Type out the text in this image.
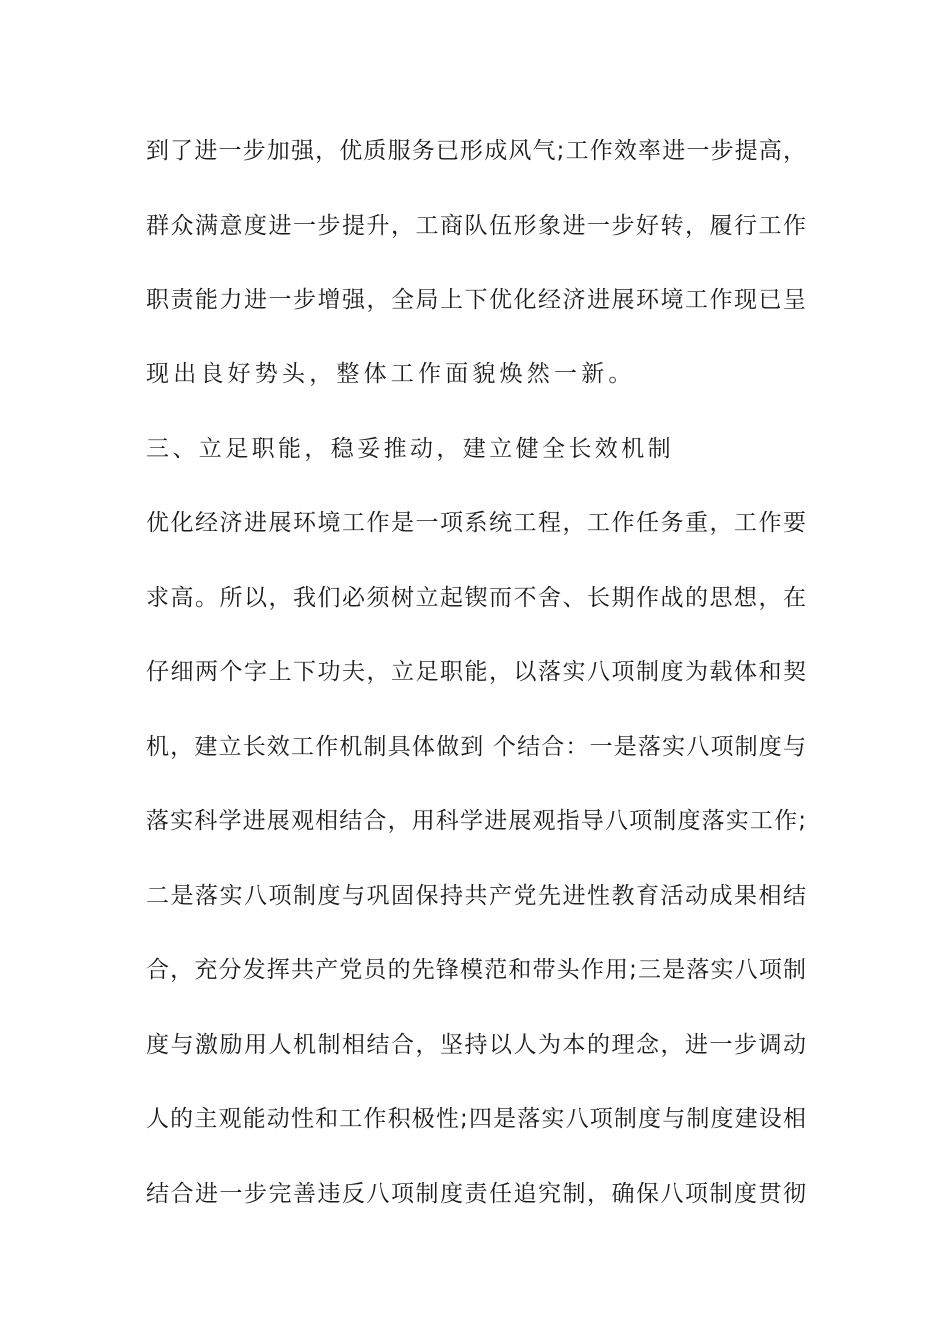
到 了 进 一 步 加 强 ， 优 质 服 务 已 形 成 风 气 ; 工 作 效 率 进 一 步 提 高 ，
群 众 满 意 度 进 一 步 提 升 ， 工 商 队 伍 形 象 进 一 步 好 转 ， 履 行 工 作
职 责 能 力 进 一 步 增 强 ， 全 局 上 下 优 化 经 济 进 展 环 境 工 作 现 已 呈
现出良好势头，整体工作面貌焕然一新。
三、立足职能，稳妥推动，建立健全长效机制
优 化 经 济 进 展 环 境 工 作 是 一 项 系 统 工 程 ， 工 作 任 务 重 ， 工 作 要
求 高 。 所 以 ， 我 们 必 须 树 立 起 锲 而 不 舍 、 长 期 作 战 的 思 想 ， 在
仔 细 两 个 字 上 下 功 夫 ， 立 足 职 能 ， 以 落 实 八 项 制 度 为 载 体 和 契
机 ， 建 立 长 效 工 作 机 制 具 体 做 到
个 结 合 ： 一 是 落 实 八 项 制 度 与
落 实 科 学 进 展 观 相 结 合 ， 用 科 学 进 展 观 指 导 八 项 制 度 落 实 工 作 ;
二 是 落 实 八 项 制 度 与 巩 固 保 持 共 产 党 先 进 性 教 育 活 动 成 果 相 结
合 ， 充 分 发 挥 共 产 党 员 的 先 锋 模 范 和 带 头 作 用 ; 三 是 落 实 八 项 制
度 与 激 励 用 人 机 制 相 结 合 ， 坚 持 以 人 为 本 的 理 念 ， 进 一 步 调 动
人 的 主 观 能 动 性 和 工 作 积 极 性 ; 四 是 落 实 八 项 制 度 与 制 度 建 设 相
结 合 进 一 步 完 善 违 反 八 项 制 度 责 任 追 究 制 ， 确 保 八 项 制 度 贯 彻
